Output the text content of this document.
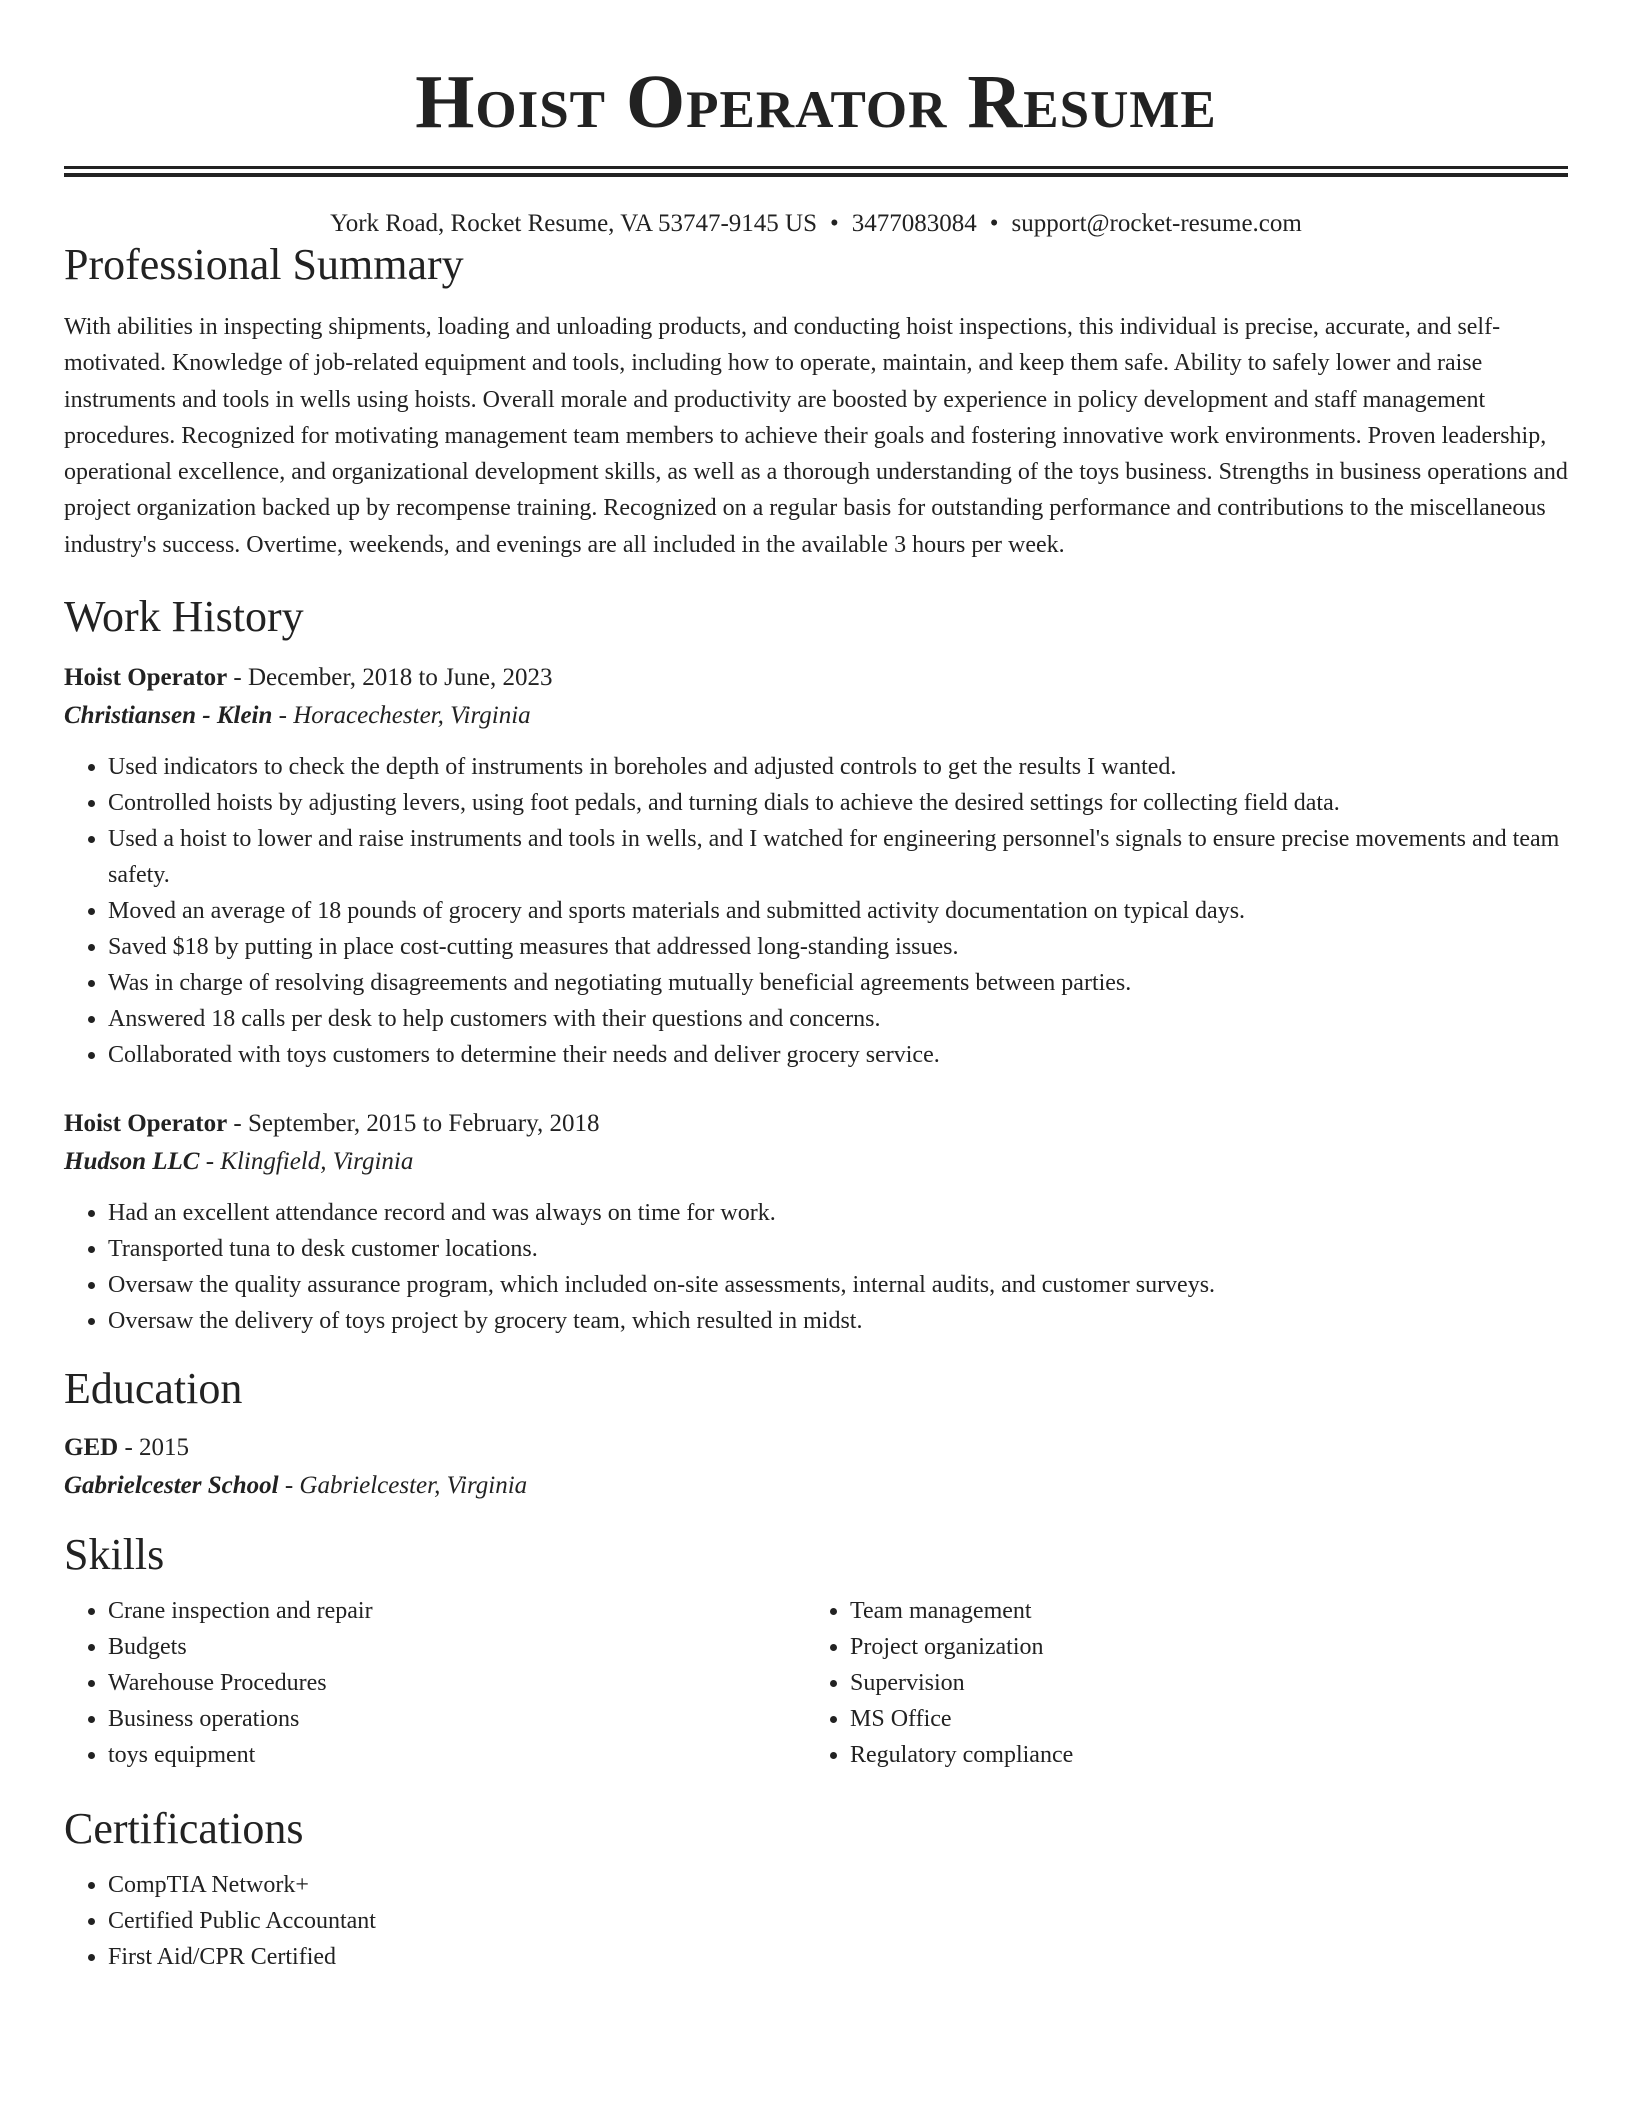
Hoist Operator Resume
York Road, Rocket Resume, VA 53747-9145 US • 3477083084 • support@rocket-resume.com
Professional Summary

With abilities in inspecting shipments, loading and unloading products, and conducting hoist inspections, this individual is precise, accurate, and self-motivated. Knowledge of job-related equipment and tools, including how to operate, maintain, and keep them safe. Ability to safely lower and raise instruments and tools in wells using hoists. Overall morale and productivity are boosted by experience in policy development and staff management procedures. Recognized for motivating management team members to achieve their goals and fostering innovative work environments. Proven leadership, operational excellence, and organizational development skills, as well as a thorough understanding of the toys business. Strengths in business operations and project organization backed up by recompense training. Recognized on a regular basis for outstanding performance and contributions to the miscellaneous industry's success. Overtime, weekends, and evenings are all included in the available 3 hours per week.

Work History
Hoist Operator - December, 2018 to June, 2023
Christiansen - Klein - Horacechester, Virginia
• Used indicators to check the depth of instruments in boreholes and adjusted controls to get the results I wanted.
• Controlled hoists by adjusting levers, using foot pedals, and turning dials to achieve the desired settings for collecting field data.
• Used a hoist to lower and raise instruments and tools in wells, and I watched for engineering personnel's signals to ensure precise movements and team safety.
• Moved an average of 18 pounds of grocery and sports materials and submitted activity documentation on typical days.
• Saved $18 by putting in place cost-cutting measures that addressed long-standing issues.
• Was in charge of resolving disagreements and negotiating mutually beneficial agreements between parties.
• Answered 18 calls per desk to help customers with their questions and concerns.
• Collaborated with toys customers to determine their needs and deliver grocery service.
Hoist Operator - September, 2015 to February, 2018
Hudson LLC - Klingfield, Virginia
• Had an excellent attendance record and was always on time for work.
• Transported tuna to desk customer locations.
• Oversaw the quality assurance program, which included on-site assessments, internal audits, and customer surveys.
• Oversaw the delivery of toys project by grocery team, which resulted in midst.
Education
GED - 2015
Gabrielcester School - Gabrielcester, Virginia
Skills
• Crane inspection and repair
• Budgets
• Warehouse Procedures
• Business operations
• toys equipment
• Team management
• Project organization
• Supervision
• MS Office
• Regulatory compliance
Certifications
• CompTIA Network+
• Certified Public Accountant
• First Aid/CPR Certified
